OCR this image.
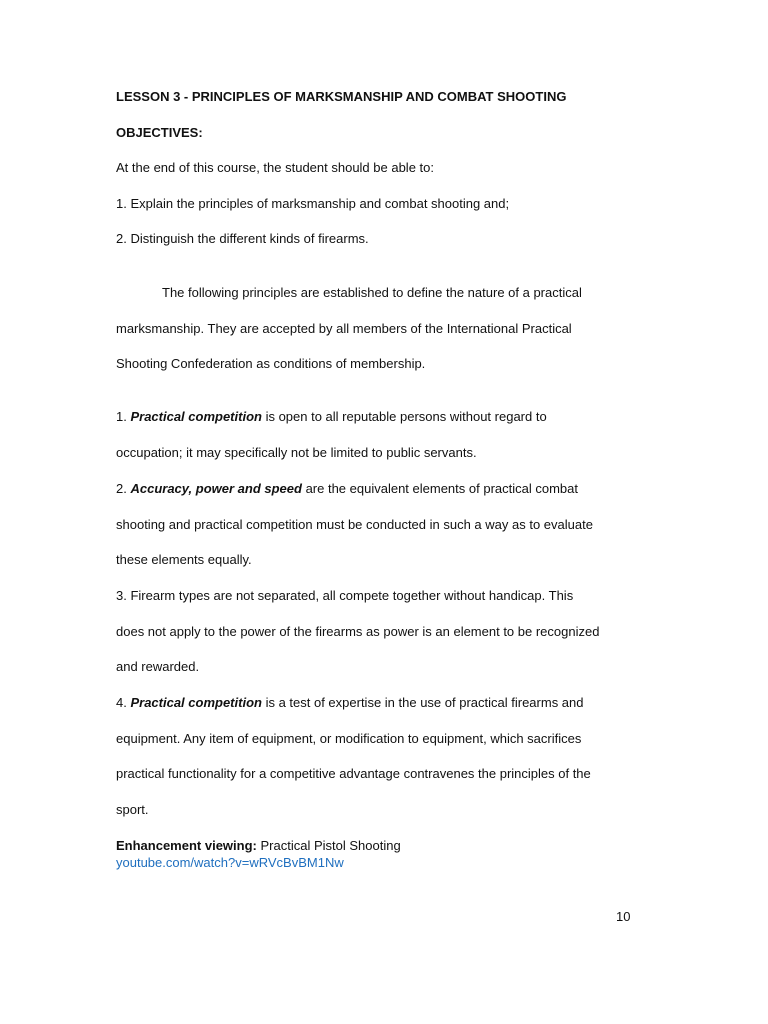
LESSON 3 - PRINCIPLES OF MARKSMANSHIP AND COMBAT SHOOTING
OBJECTIVES:
At the end of this course, the student should be able to:
1. Explain the principles of marksmanship and combat shooting and;
2. Distinguish the different kinds of firearms.
The following principles are established to define the nature of a practical
marksmanship. They are accepted by all members of the International Practical
Shooting Confederation as conditions of membership.
1. Practical competition is open to all reputable persons without regard to
occupation; it may specifically not be limited to public servants.
2. Accuracy, power and speed are the equivalent elements of practical combat
shooting and practical competition must be conducted in such a way as to evaluate
these elements equally.
3. Firearm types are not separated, all compete together without handicap. This
does not apply to the power of the firearms as power is an element to be recognized
and rewarded.
4. Practical competition is a test of expertise in the use of practical firearms and
equipment. Any item of equipment, or modification to equipment, which sacrifices
practical functionality for a competitive advantage contravenes the principles of the
sport.
Enhancement viewing: Practical Pistol Shooting
youtube.com/watch?v=wRVcBvBM1Nw
10
